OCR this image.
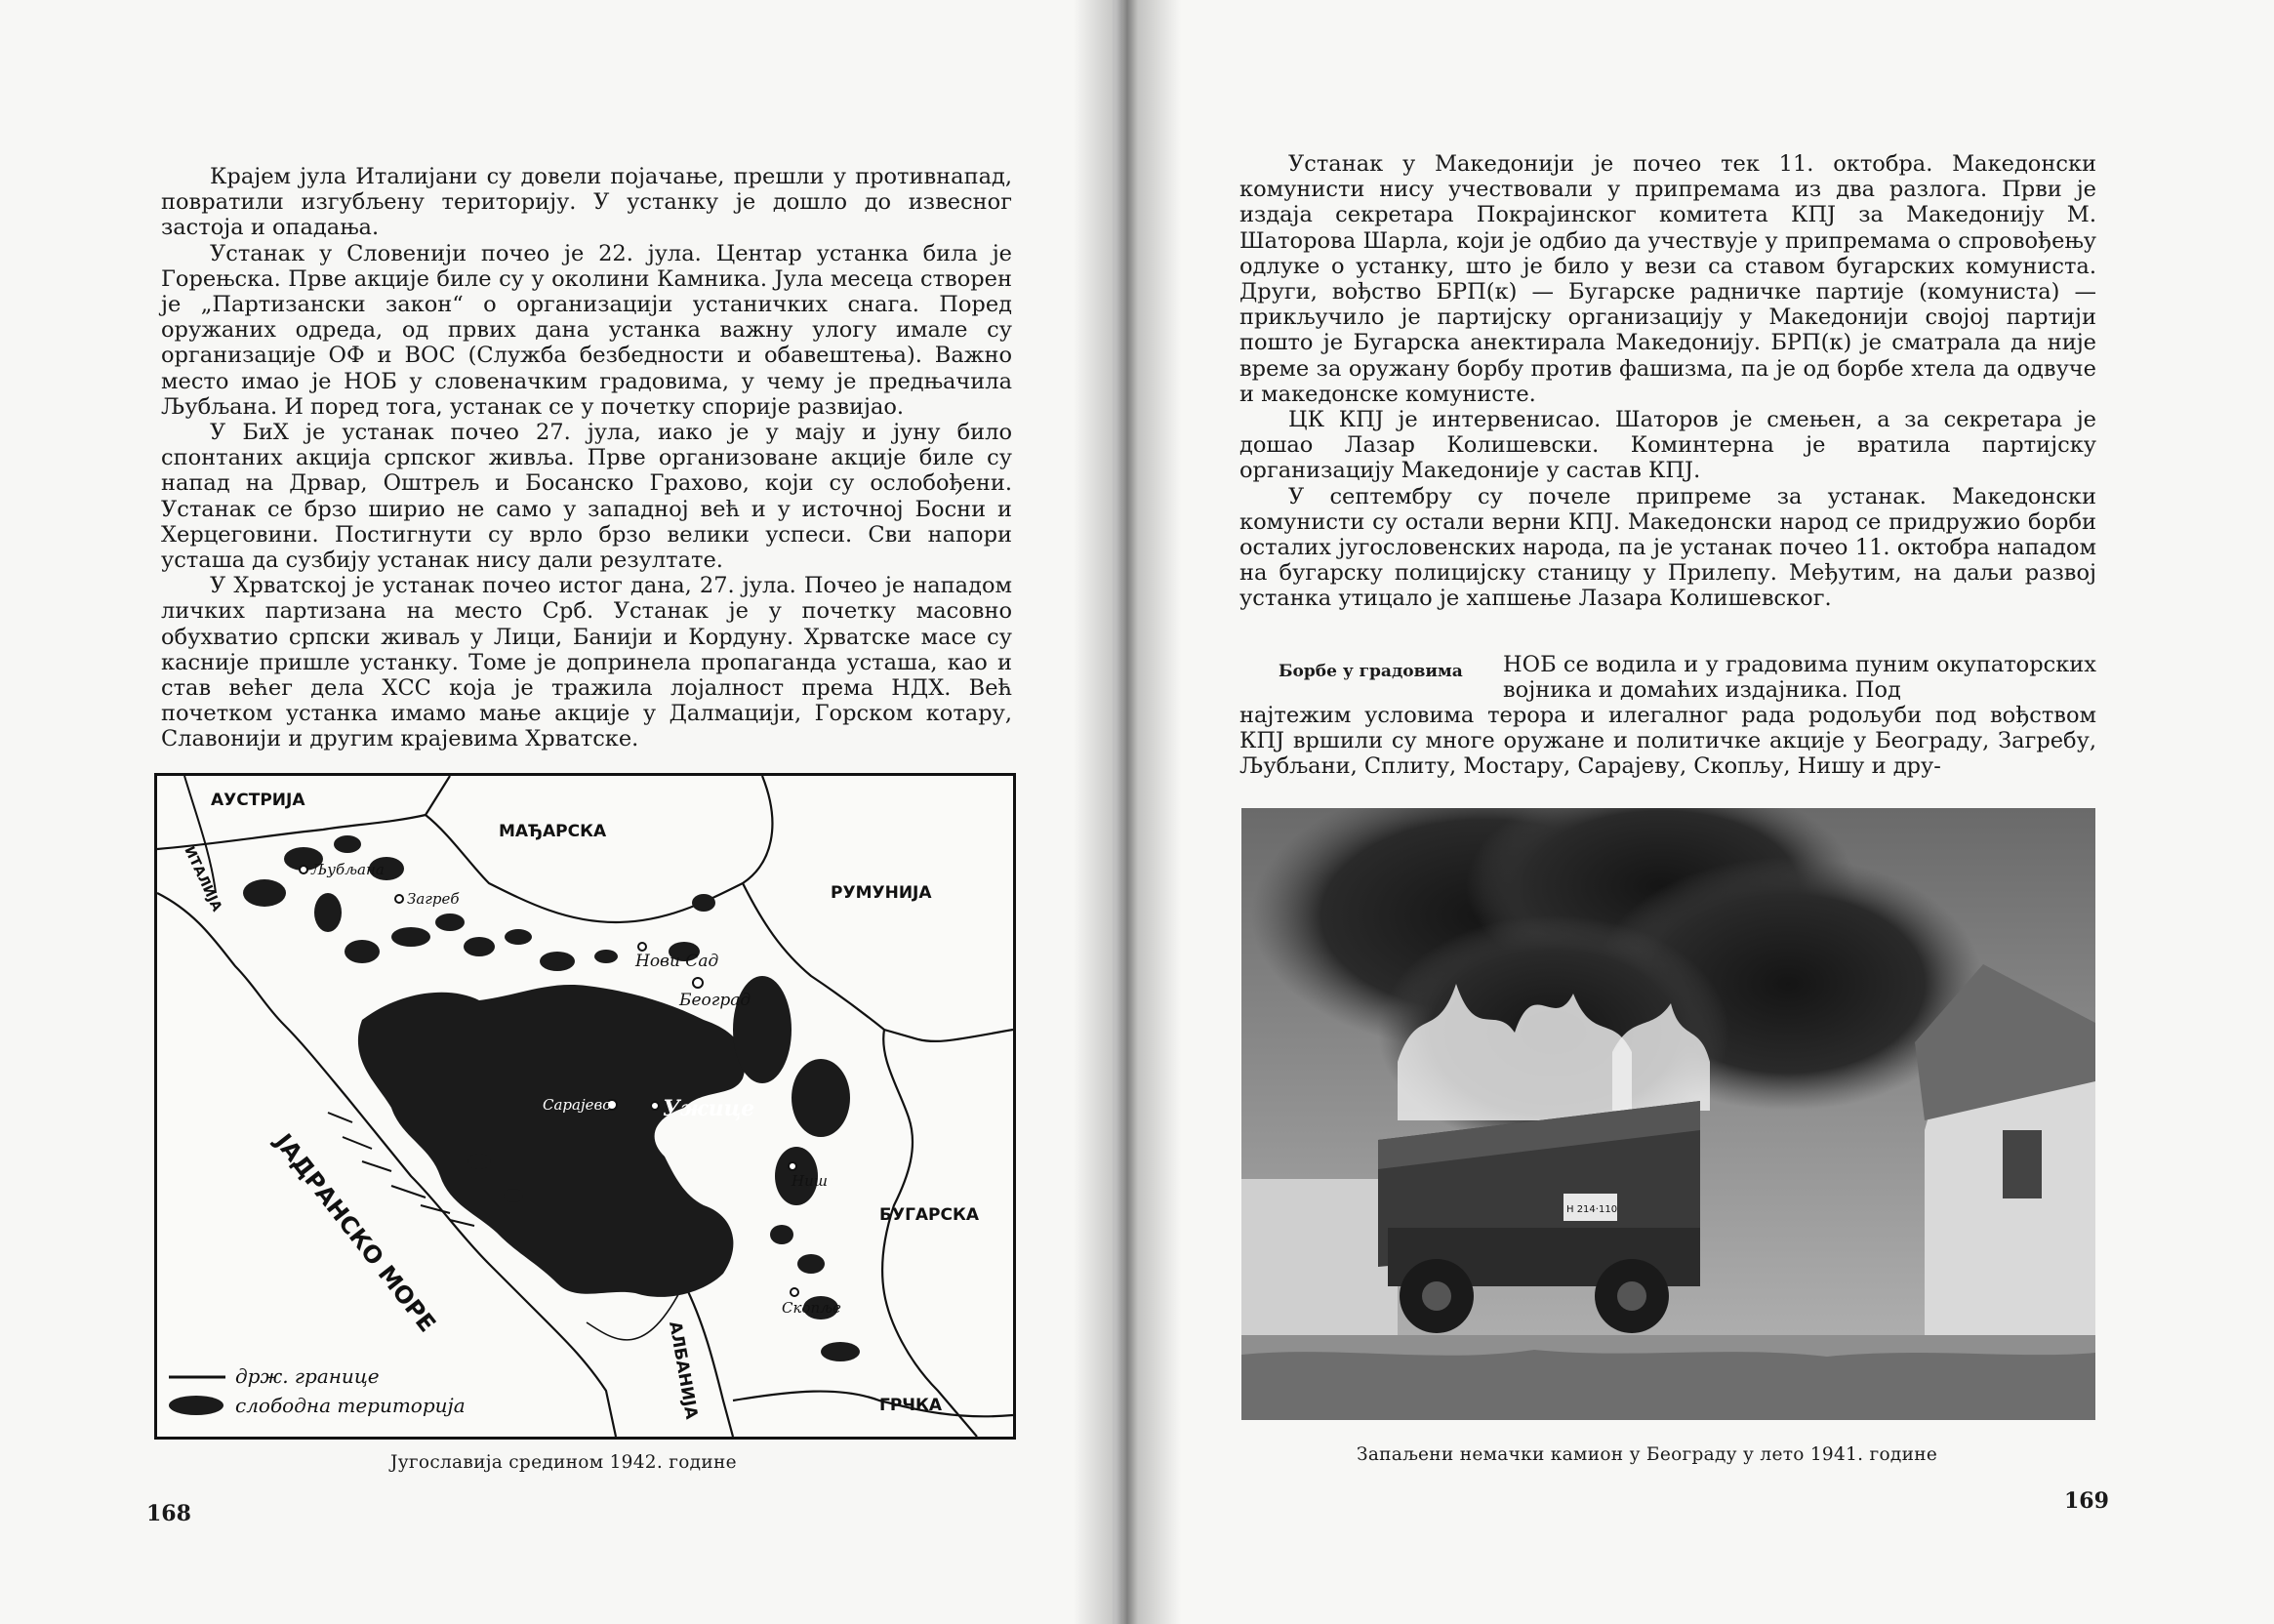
Крајем јула Италијани су довели појачање, прешли у противнапад, повратили изгубљену територију. У устанку је дошло до извесног застоја и опадања.

Устанак у Словенији почео је 22. јула. Центар устанка била је Горењска. Прве акције биле су у околини Камника. Јула месеца створен је „Партизански закон“ о организацији устаничких снага. Поред оружаних одреда, од првих дана устанка важну улогу имале су организације ОФ и ВОС (Служба безбедности и обавештења). Важно место имао је НОБ у словеначким градовима, у чему је предњачила Љубљана. И поред тога, устанак се у почетку спорије развијао.

У БиХ је устанак почео 27. јула, иако је у мају и јуну било спонтаних акција српског живља. Прве организоване акције биле су напад на Дрвар, Оштрељ и Босанско Грахово, који су ослобођени. Устанак се брзо ширио не само у западној већ и у источној Босни и Херцеговини. Постигнути су врло брзо велики успеси. Сви напори усташа да сузбију устанак нису дали резултате.

У Хрватској је устанак почео истог дана, 27. јула. Почео је нападом личких партизана на место Срб. Устанак је у почетку масовно обухватио српски живаљ у Лици, Банији и Кордуну. Хрватске масе су касније пришле устанку. Томе је допринела пропаганда усташа, као и став већег дела ХСС која је тражила лојалност према НДХ. Већ почетком устанка имамо мање акције у Далмацији, Горском котару, Славонији и другим крајевима Хрватске.

АУСТРИЈА
ИТАЛИЈА
МАЂАРСКА
РУМУНИЈА
БУГАРСКА
ГРЧКА
АЛБАНИЈА
ЈАДРАНСКО МОРЕ
Љубљана
Загреб
Нови Сад
Београд
Сарајево Ужице
Ниш
Скопље
држ. границе
слободна територија
Југославија средином 1942. године
168

Устанак у Македонији је почео тек 11. октобра. Македонски комунисти нису учествовали у припремама из два разлога. Први је издаја секретара Покрајинског комитета КПЈ за Македонију М. Шаторова Шарла, који је одбио да учествује у припремама о спровођењу одлуке о устанку, што је било у вези са ставом бугарских комуниста. Други, вођство БРП(к) — Бугарске радничке партије (комуниста) — прикључило је партијску организацију у Македонији својој партији пошто је Бугарска анектирала Македонију. БРП(к) је сматрала да није време за оружану борбу против фашизма, па је од борбе хтела да одвуче и македонске комунисте.

ЦК КПЈ је интервенисао. Шаторов је смењен, а за секретара је дошао Лазар Колишевски. Коминтерна је вратила партијску организацију Македоније у састав КПЈ.

У септембру су почеле припреме за устанак. Македонски комунисти су остали верни КПЈ. Македонски народ се придружио борби осталих југословенских народа, па је устанак почео 11. октобра нападом на бугарску полицијску станицу у Прилепу. Међутим, на даљи развој устанка утицало је хапшење Лазара Колишевског.

Борбе у градовима НОБ се водила и у градовима пуним окупаторских војника и домаћих издајника. Под
најтежим условима терора и илегалног рада родољуби под вођством КПЈ вршили су многе оружане и политичке акције у Београду, Загребу, Љубљани, Сплиту, Мостару, Сарајеву, Скопљу, Нишу и дру-
H 214·110
Запаљени немачки камион у Београду у лето 1941. године
169
